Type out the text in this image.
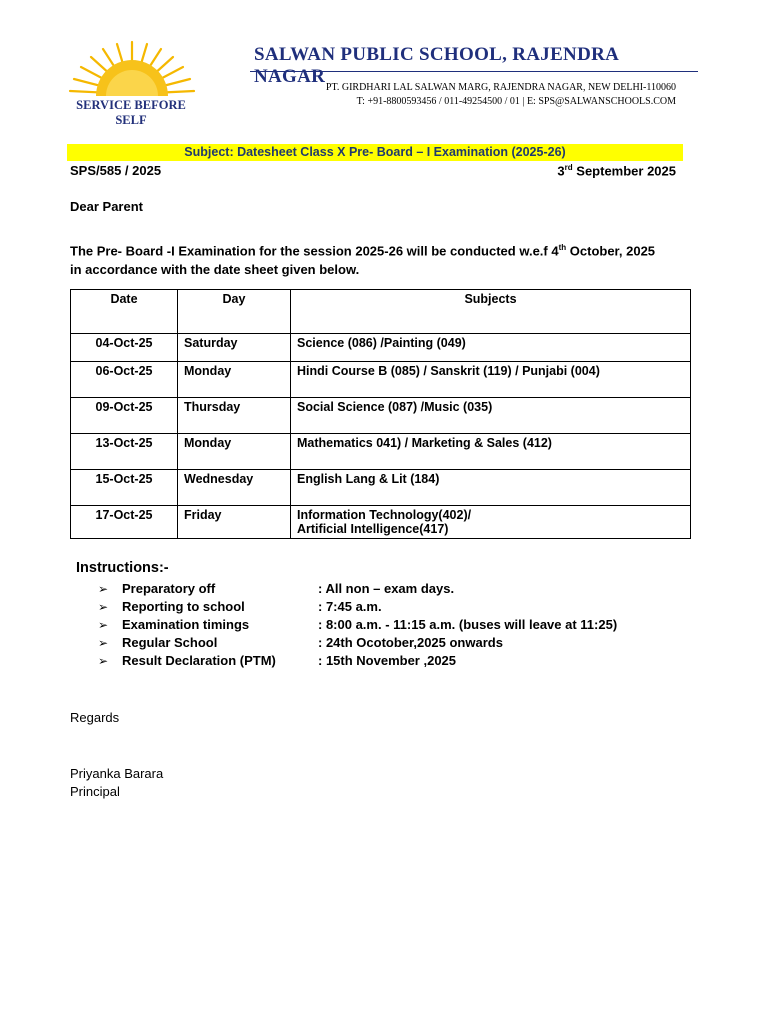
SERVICE BEFORE SELF
SALWAN PUBLIC SCHOOL, RAJENDRA NAGAR
PT. GIRDHARI LAL SALWAN MARG, RAJENDRA NAGAR, NEW DELHI-110060
T: +91-8800593456 / 011-49254500 / 01 | E: SPS@SALWANSCHOOLS.COM
Subject: Datesheet Class X Pre- Board – I Examination (2025-26)
SPS/585 / 2025	3rd September 2025
Dear Parent
The Pre- Board -I Examination for the session 2025-26 will be conducted w.e.f 4th October, 2025 in accordance with the date sheet given below.
Date	Day	Subjects
04-Oct-25	Saturday	Science (086) /Painting (049)
06-Oct-25	Monday	Hindi Course B (085) / Sanskrit (119) / Punjabi (004)
09-Oct-25	Thursday	Social Science (087) /Music (035)
13-Oct-25	Monday	Mathematics 041) / Marketing & Sales (412)
15-Oct-25	Wednesday	English Lang & Lit (184)
17-Oct-25	Friday	Information Technology(402)/
Artificial Intelligence(417)
Instructions:-
➢ Preparatory off	: All non – exam days.
➢ Reporting to school	: 7:45 a.m.
➢ Examination timings	: 8:00 a.m. - 11:15 a.m. (buses will leave at 11:25)
➢ Regular School	: 24th Ocotober,2025 onwards
➢ Result Declaration (PTM)	: 15th November ,2025
Regards
Priyanka Barara
Principal
